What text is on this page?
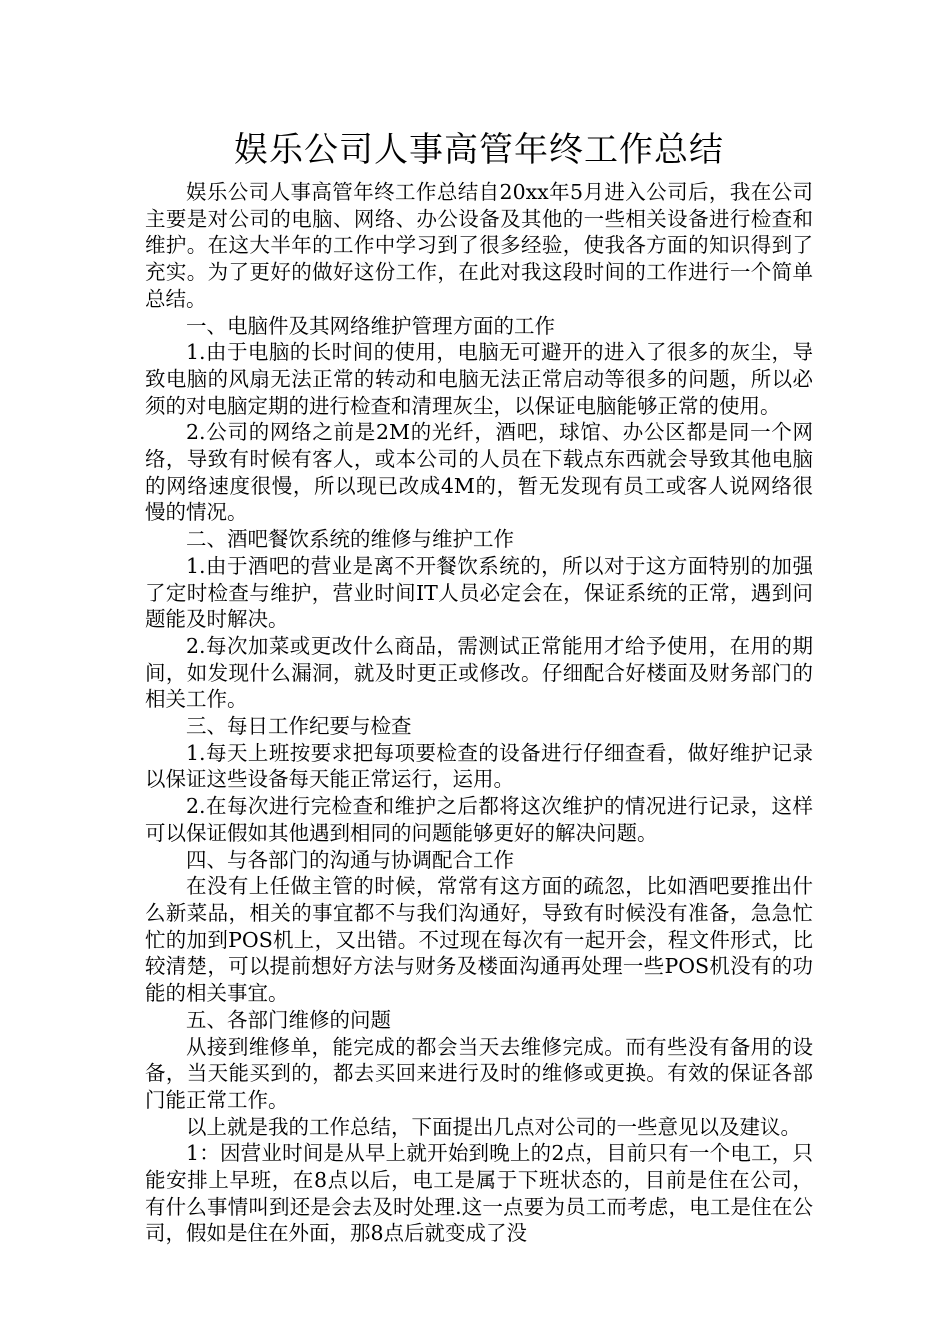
娱乐公司人事高管年终工作总结

娱乐公司人事高管年终工作总结自20xx年5月进入公司后，我在公司主要是对公司的电脑、网络、办公设备及其他的一些相关设备进行检查和维护。在这大半年的工作中学习到了很多经验，使我各方面的知识得到了充实。为了更好的做好这份工作，在此对我这段时间的工作进行一个简单总结。

一、电脑件及其网络维护管理方面的工作

1.由于电脑的长时间的使用，电脑无可避开的进入了很多的灰尘，导致电脑的风扇无法正常的转动和电脑无法正常启动等很多的问题，所以必须的对电脑定期的进行检查和清理灰尘，以保证电脑能够正常的使用。

2.公司的网络之前是2M的光纤，酒吧，球馆、办公区都是同一个网络，导致有时候有客人，或本公司的人员在下载点东西就会导致其他电脑的网络速度很慢，所以现已改成4M的，暂无发现有员工或客人说网络很慢的情况。

二、酒吧餐饮系统的维修与维护工作

1.由于酒吧的营业是离不开餐饮系统的，所以对于这方面特别的加强了定时检查与维护，营业时间IT人员必定会在，保证系统的正常，遇到问题能及时解决。

2.每次加菜或更改什么商品，需测试正常能用才给予使用，在用的期间，如发现什么漏洞，就及时更正或修改。仔细配合好楼面及财务部门的相关工作。

三、每日工作纪要与检查

1.每天上班按要求把每项要检查的设备进行仔细查看，做好维护记录以保证这些设备每天能正常运行，运用。

2.在每次进行完检查和维护之后都将这次维护的情况进行记录，这样可以保证假如其他遇到相同的问题能够更好的解决问题。

四、与各部门的沟通与协调配合工作

在没有上任做主管的时候，常常有这方面的疏忽，比如酒吧要推出什么新菜品，相关的事宜都不与我们沟通好，导致有时候没有准备，急急忙忙的加到POS机上，又出错。不过现在每次有一起开会，程文件形式，比较清楚，可以提前想好方法与财务及楼面沟通再处理一些POS机没有的功能的相关事宜。

五、各部门维修的问题

从接到维修单，能完成的都会当天去维修完成。而有些没有备用的设备，当天能买到的，都去买回来进行及时的维修或更换。有效的保证各部门能正常工作。

以上就是我的工作总结，下面提出几点对公司的一些意见以及建议。

1：因营业时间是从早上就开始到晚上的2点，目前只有一个电工，只能安排上早班，在8点以后，电工是属于下班状态的，目前是住在公司，有什么事情叫到还是会去及时处理.这一点要为员工而考虑，电工是住在公司，假如是住在外面，那8点后就变成了没
